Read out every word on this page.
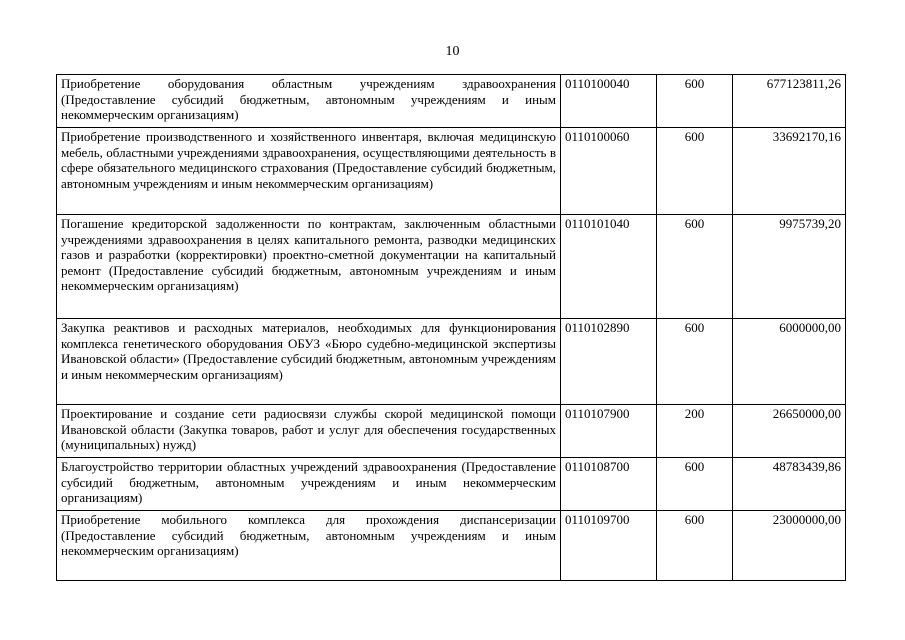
10
Приобретение оборудования областным учреждениям здравоохранения (Предоставление субсидий бюджетным, автономным учреждениям и иным некоммерческим организациям)	0110100040	600	677123811,26
Приобретение производственного и хозяйственного инвентаря, включая медицинскую мебель, областными учреждениями здравоохранения, осуществляющими деятельность в сфере обязательного медицинского страхования (Предоставление субсидий бюджетным, автономным учреждениям и иным некоммерческим организациям)	0110100060	600	33692170,16
Погашение кредиторской задолженности по контрактам, заключенным областными учреждениями здравоохранения в целях капитального ремонта, разводки медицинских газов и разработки (корректировки) проектно-сметной документации на капитальный ремонт (Предоставление субсидий бюджетным, автономным учреждениям и иным некоммерческим организациям)	0110101040	600	9975739,20
Закупка реактивов и расходных материалов, необходимых для функционирования комплекса генетического оборудования ОБУЗ «Бюро судебно-медицинской экспертизы Ивановской области» (Предоставление субсидий бюджетным, автономным учреждениям и иным некоммерческим организациям)	0110102890	600	6000000,00
Проектирование и создание сети радиосвязи службы скорой медицинской помощи Ивановской области (Закупка товаров, работ и услуг для обеспечения государственных (муниципальных) нужд)	0110107900	200	26650000,00
Благоустройство территории областных учреждений здравоохранения (Предоставление субсидий бюджетным, автономным учреждениям и иным некоммерческим организациям)	0110108700	600	48783439,86
Приобретение мобильного комплекса для прохождения диспансеризации (Предоставление субсидий бюджетным, автономным учреждениям и иным некоммерческим организациям)	0110109700	600	23000000,00
